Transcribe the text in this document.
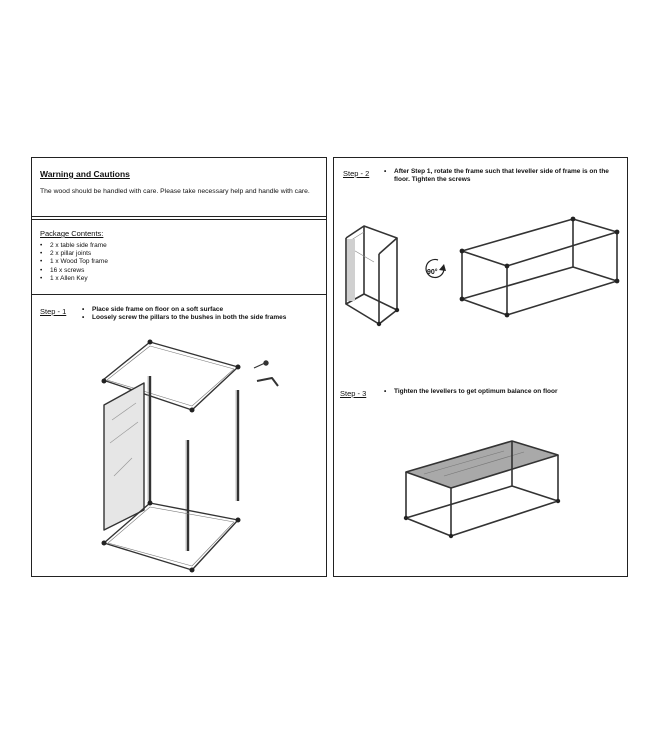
Warning and Cautions
The wood should be handled with care. Please take necessary help and handle with care.
Package Contents:
• 2 x table side frame
• 2 x pillar joints
• 1 x Wood Top frame
• 16 x screws
• 1 x Allen Key
Step - 1	• Place side frame on floor on a soft surface
• Loosely screw the pillars to the bushes in both the side frames
Step - 2	• After Step 1, rotate the frame such that leveller side of frame is on the floor. Tighten the screws
90°
Step - 3	• Tighten the levellers to get optimum balance on floor
